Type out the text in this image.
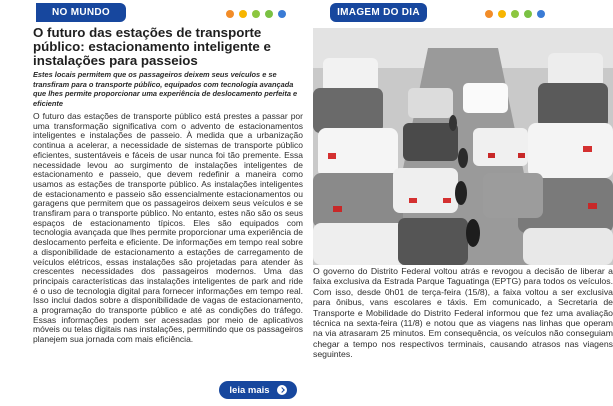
NO MUNDO
O futuro das estações de transporte público: estacionamento inteligente e instalações para passeios

Estes locais permitem que os passageiros deixem seus veículos e se transfiram para o transporte público, equipados com tecnologia avançada que lhes permite proporcionar uma experiência de deslocamento perfeita e eficiente

O futuro das estações de transporte público está prestes a passar por uma transformação significativa com o advento de estacionamentos inteligentes e instalações de passeio. À medida que a urbanização continua a acelerar, a necessidade de sistemas de transporte público eficientes, sustentáveis e fáceis de usar nunca foi tão premente. Essa necessidade levou ao surgimento de instalações inteligentes de estacionamento e passeio, que devem redefinir a maneira como usamos as estações de transporte público. As instalações inteligentes de estacionamento e passeio são essencialmente estacionamentos ou garagens que permitem que os passageiros deixem seus veículos e se transfiram para o transporte público. No entanto, estes não são os seus espaços de estacionamento típicos. Eles são equipados com tecnologia avançada que lhes permite proporcionar uma experiência de deslocamento perfeita e eficiente. De informações em tempo real sobre a disponibilidade de estacionamento a estações de carregamento de veículos elétricos, essas instalações são projetadas para atender às crescentes necessidades dos passageiros modernos. Uma das principais características das instalações inteligentes de park and ride é o uso de tecnologia digital para fornecer informações em tempo real. Isso inclui dados sobre a disponibilidade de vagas de estacionamento, a programação do transporte público e até as condições do tráfego. Essas informações podem ser acessadas por meio de aplicativos móveis ou telas digitais nas instalações, permitindo que os passageiros planejem sua jornada com mais eficiência.

leia mais
IMAGEM DO DIA

O governo do Distrito Federal voltou atrás e revogou a decisão de liberar a faixa exclusiva da Estrada Parque Taguatinga (EPTG) para todos os veículos. Com isso, desde 0h01 de terça-feira (15/8), a faixa voltou a ser exclusiva para ônibus, vans escolares e táxis. Em comunicado, a Secretaria de Transporte e Mobilidade do Distrito Federal informou que fez uma avaliação técnica na sexta-feira (11/8) e notou que as viagens nas linhas que operam na via atrasaram 25 minutos. Em consequência, os veículos não conseguiam chegar a tempo nos respectivos terminais, causando atrasos nas viagens seguintes.
